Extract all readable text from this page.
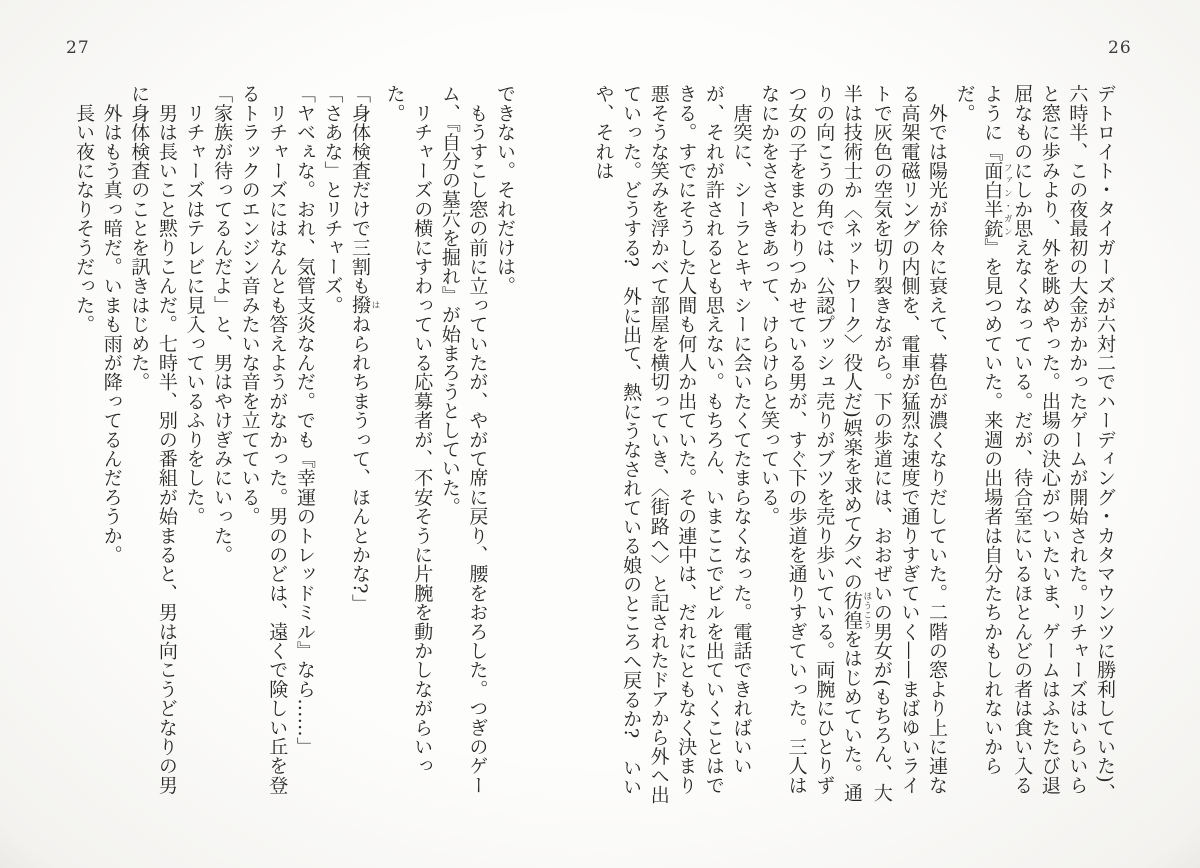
26

デトロイト・タイガーズが六対二でハーディング・カタマウンツに勝利していた)、六時半、この夜最初の大金がかかったゲームが開始された。リチャーズはいらいらと窓に歩みより、外を眺めやった。出場の決心がついたいま、ゲームはふたたび退屈なものにしか思えなくなっている。だが、待合室にいるほとんどの者は食い入るように『面白半銃 ファン・ガン』を見つめていた。来週の出場者は自分たちかもしれないからだ。

　外では陽光が徐々に衰えて、暮色が濃くなりだしていた。二階の窓より上に連なる高架電磁リングの内側を、電車が猛烈な速度で通りすぎていく——まばゆいライトで灰色の空気を切り裂きながら。下の歩道には、おおぜいの男女が(もちろん、大半は技術士か〈ネットワーク〉役人だ)娯楽を求めて夕べの彷徨 ほうこうをはじめていた。通りの向こうの角では、公認プッシュ売りがブツを売り歩いている。両腕にひとりずつ女の子をまとわりつかせている男が、すぐ下の歩道を通りすぎていった。三人はなにかをささやきあって、けらけらと笑っている。

　唐突に、シーラとキャシーに会いたくてたまらなくなった。電話できればいいが、それが許されるとも思えない。もちろん、いまここでビルを出ていくことはできる。すでにそうした人間も何人か出ていた。その連中は、だれにともなく決まり悪そうな笑みを浮かべて部屋を横切っていき、〈街路へ〉と記されたドアから外へ出ていった。どうする?　外に出て、熱にうなされている娘のところへ戻るか?　いいや、それは

27

できない。それだけは。

　もうすこし窓の前に立っていたが、やがて席に戻り、腰をおろした。つぎのゲーム、『自分の墓穴を掘れ』が始まろうとしていた。

　リチャーズの横にすわっている応募者が、不安そうに片腕を動かしながらいった。

「身体検査だけで三割も撥 はねられちまうって、ほんとかな?」

「さあな」とリチャーズ。

「ヤベぇな。おれ、気管支炎なんだ。でも『幸運のトレッドミル』なら……」

　リチャーズにはなんとも答えようがなかった。男ののどは、遠くで険しい丘を登るトラックのエンジン音みたいな音を立てている。

「家族が待ってるんだよ」と、男はやけぎみにいった。

　リチャーズはテレビに見入っているふりをした。

　男は長いこと黙りこんだ。七時半、別の番組が始まると、男は向こうどなりの男に身体検査のことを訊きはじめた。

　外はもう真っ暗だ。いまも雨が降ってるんだろうか。

　長い夜になりそうだった。
